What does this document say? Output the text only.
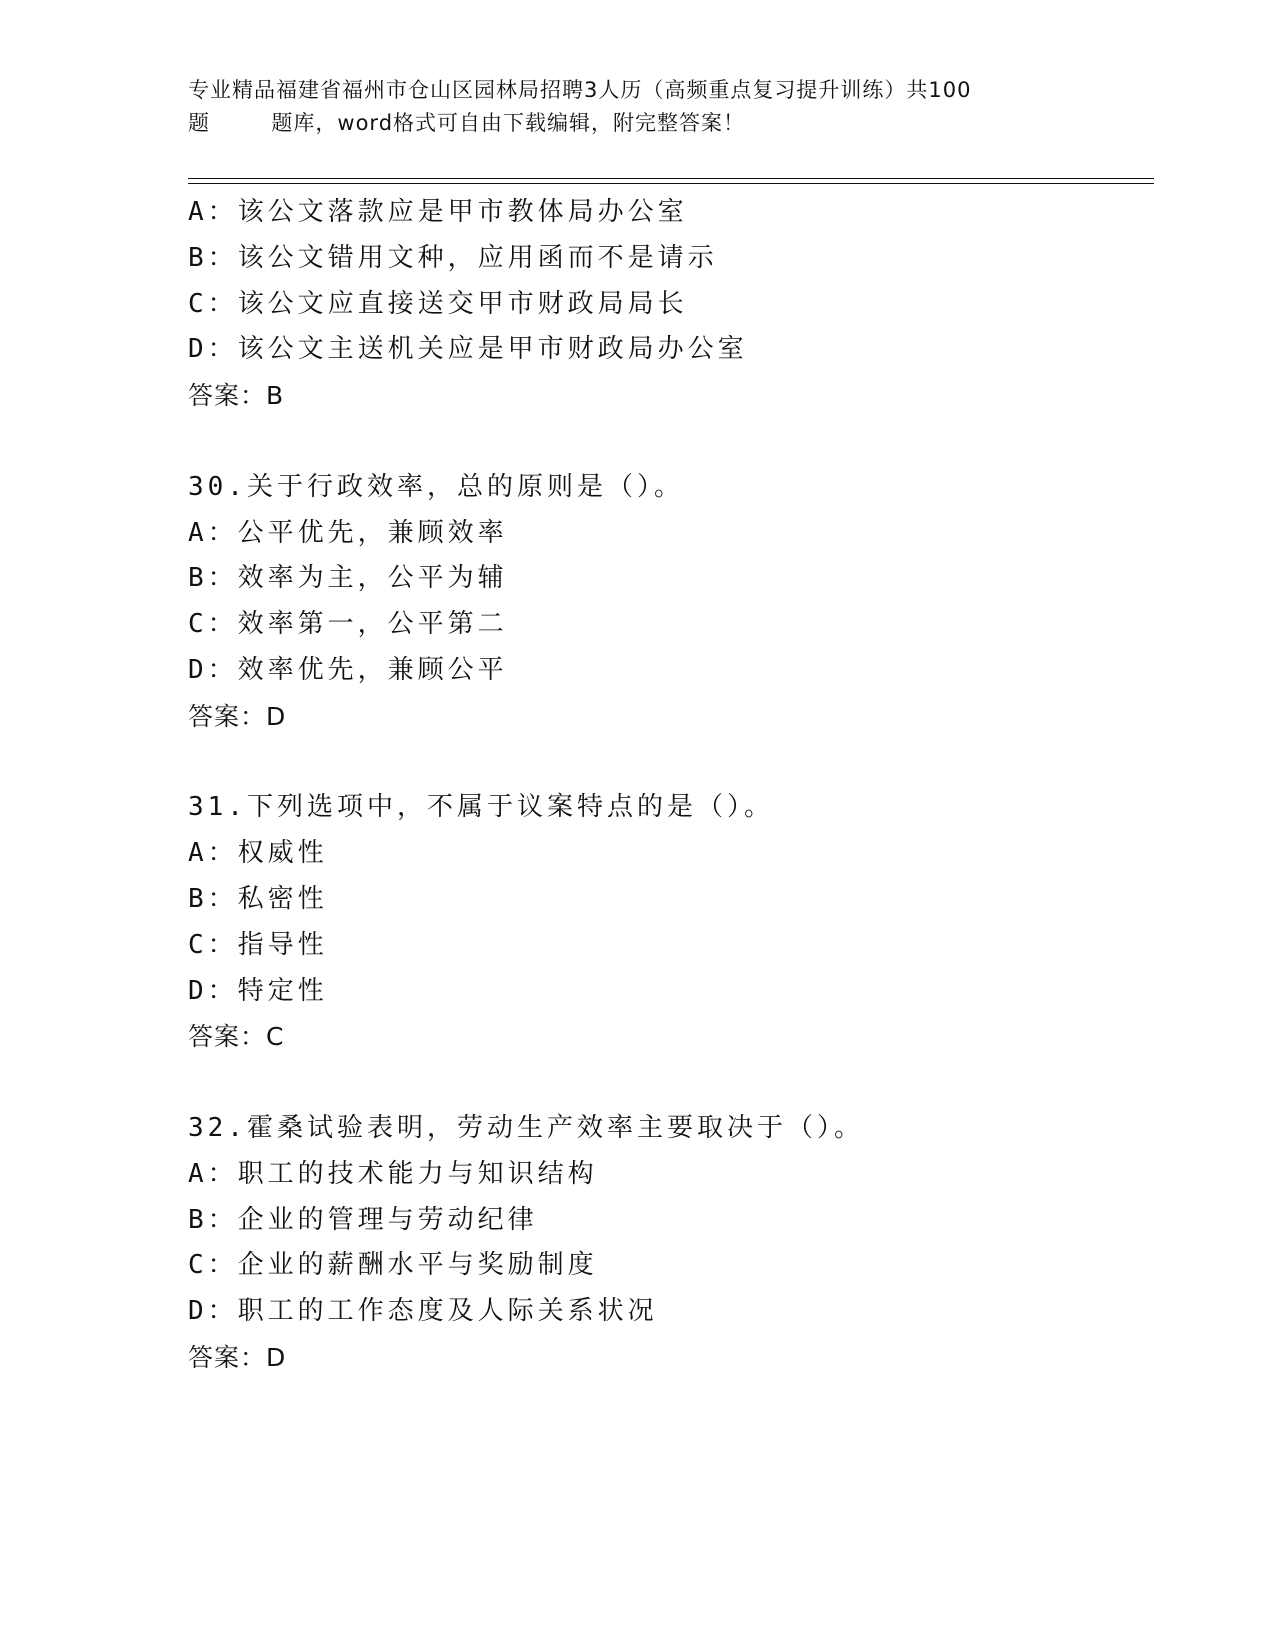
专业精品福建省福州市仓山区园林局招聘3人历（高频重点复习提升训练）共100

题        题库，word格式可自由下载编辑，附完整答案！
A：该公文落款应是甲市教体局办公室
B：该公文错用文种，应用函而不是请示
C：该公文应直接送交甲市财政局局长
D：该公文主送机关应是甲市财政局办公室
答案：B
30.关于行政效率，总的原则是（）。
A：公平优先，兼顾效率
B：效率为主，公平为辅
C：效率第一，公平第二
D：效率优先，兼顾公平
答案：D
31.下列选项中，不属于议案特点的是（）。
A：权威性
B：私密性
C：指导性
D：特定性
答案：C
32.霍桑试验表明，劳动生产效率主要取决于（）。
A：职工的技术能力与知识结构
B：企业的管理与劳动纪律
C：企业的薪酬水平与奖励制度
D：职工的工作态度及人际关系状况
答案：D
